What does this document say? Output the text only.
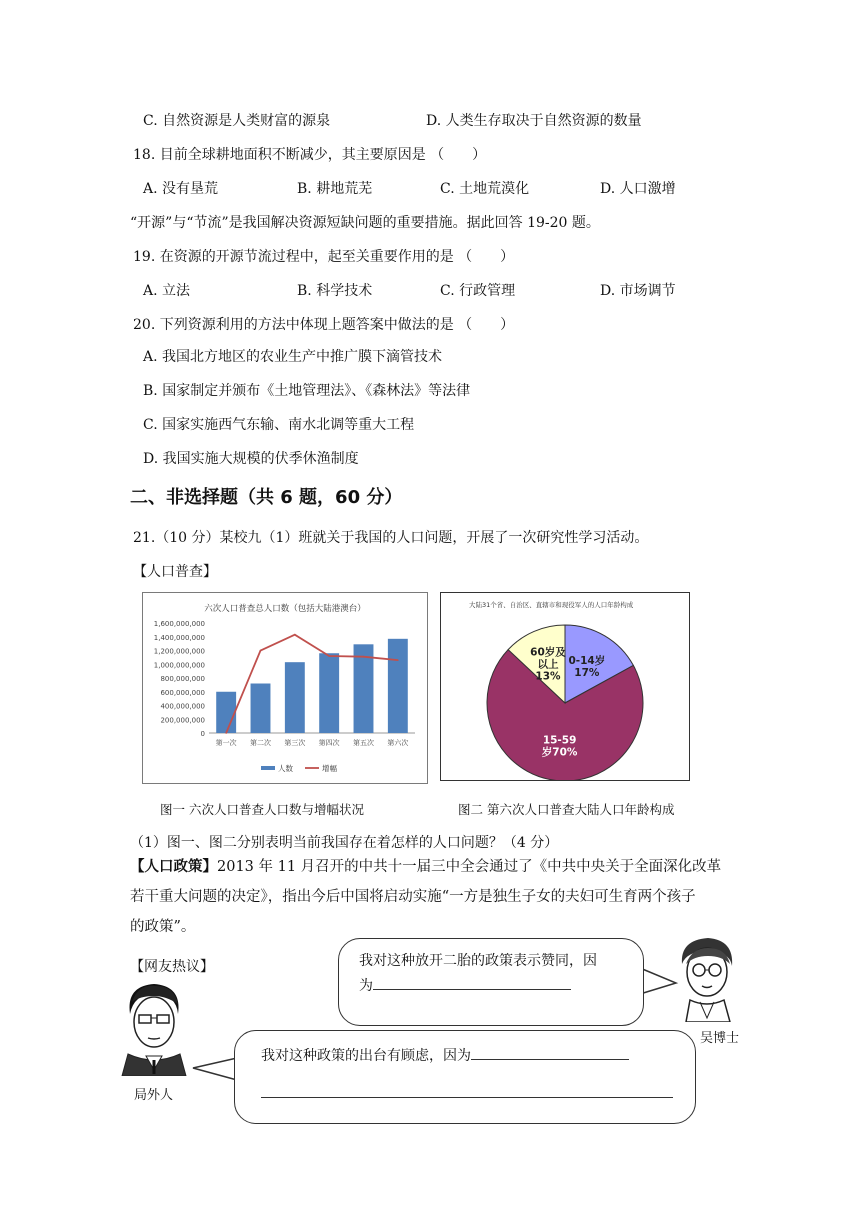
C. 自然资源是人类财富的源泉	D. 人类生存取决于自然资源的数量
18. 目前全球耕地面积不断减少，其主要原因是 （　　）
A. 没有垦荒	B. 耕地荒芜	C. 土地荒漠化	D. 人口激增
“开源”与“节流”是我国解决资源短缺问题的重要措施。据此回答 19-20 题。
19. 在资源的开源节流过程中，起至关重要作用的是 （　　）
A. 立法	B. 科学技术	C. 行政管理	D. 市场调节
20. 下列资源利用的方法中体现上题答案中做法的是 （　　）
A. 我国北方地区的农业生产中推广膜下滴管技术
B. 国家制定并颁布《土地管理法》、《森林法》等法律
C. 国家实施西气东输、南水北调等重大工程
D. 我国实施大规模的伏季休渔制度
二、非选择题（共 6 题，60 分）
21.（10 分）某校九（1）班就关于我国的人口问题，开展了一次研究性学习活动。
【人口普查】
六次人口普查总人口数（包括大陆港澳台）
0
200,000,000
400,000,000
600,000,000
800,000,000
1,000,000,000
1,200,000,000
1,400,000,000
1,600,000,000
第一次 第二次 第三次 第四次 第五次 第六次
人数	增幅
大陆31个省、自治区、直辖市和现役军人的人口年龄构成
0-14岁
17%
15-59
岁70%
60岁及
以上
13%
图一 六次人口普查人口数与增幅状况	图二 第六次人口普查大陆人口年龄构成
（1）图一、图二分别表明当前我国存在着怎样的人口问题？（4 分）
【人口政策】2013 年 11 月召开的中共十一届三中全会通过了《中共中央关于全面深化改革
若干重大问题的决定》，指出今后中国将启动实施“一方是独生子女的夫妇可生育两个孩子
的政策”。
【网友热议】	我对这种放开二胎的政策表示赞同，因
为
我对这种政策的出台有顾虑，因为
吴博士
局外人
